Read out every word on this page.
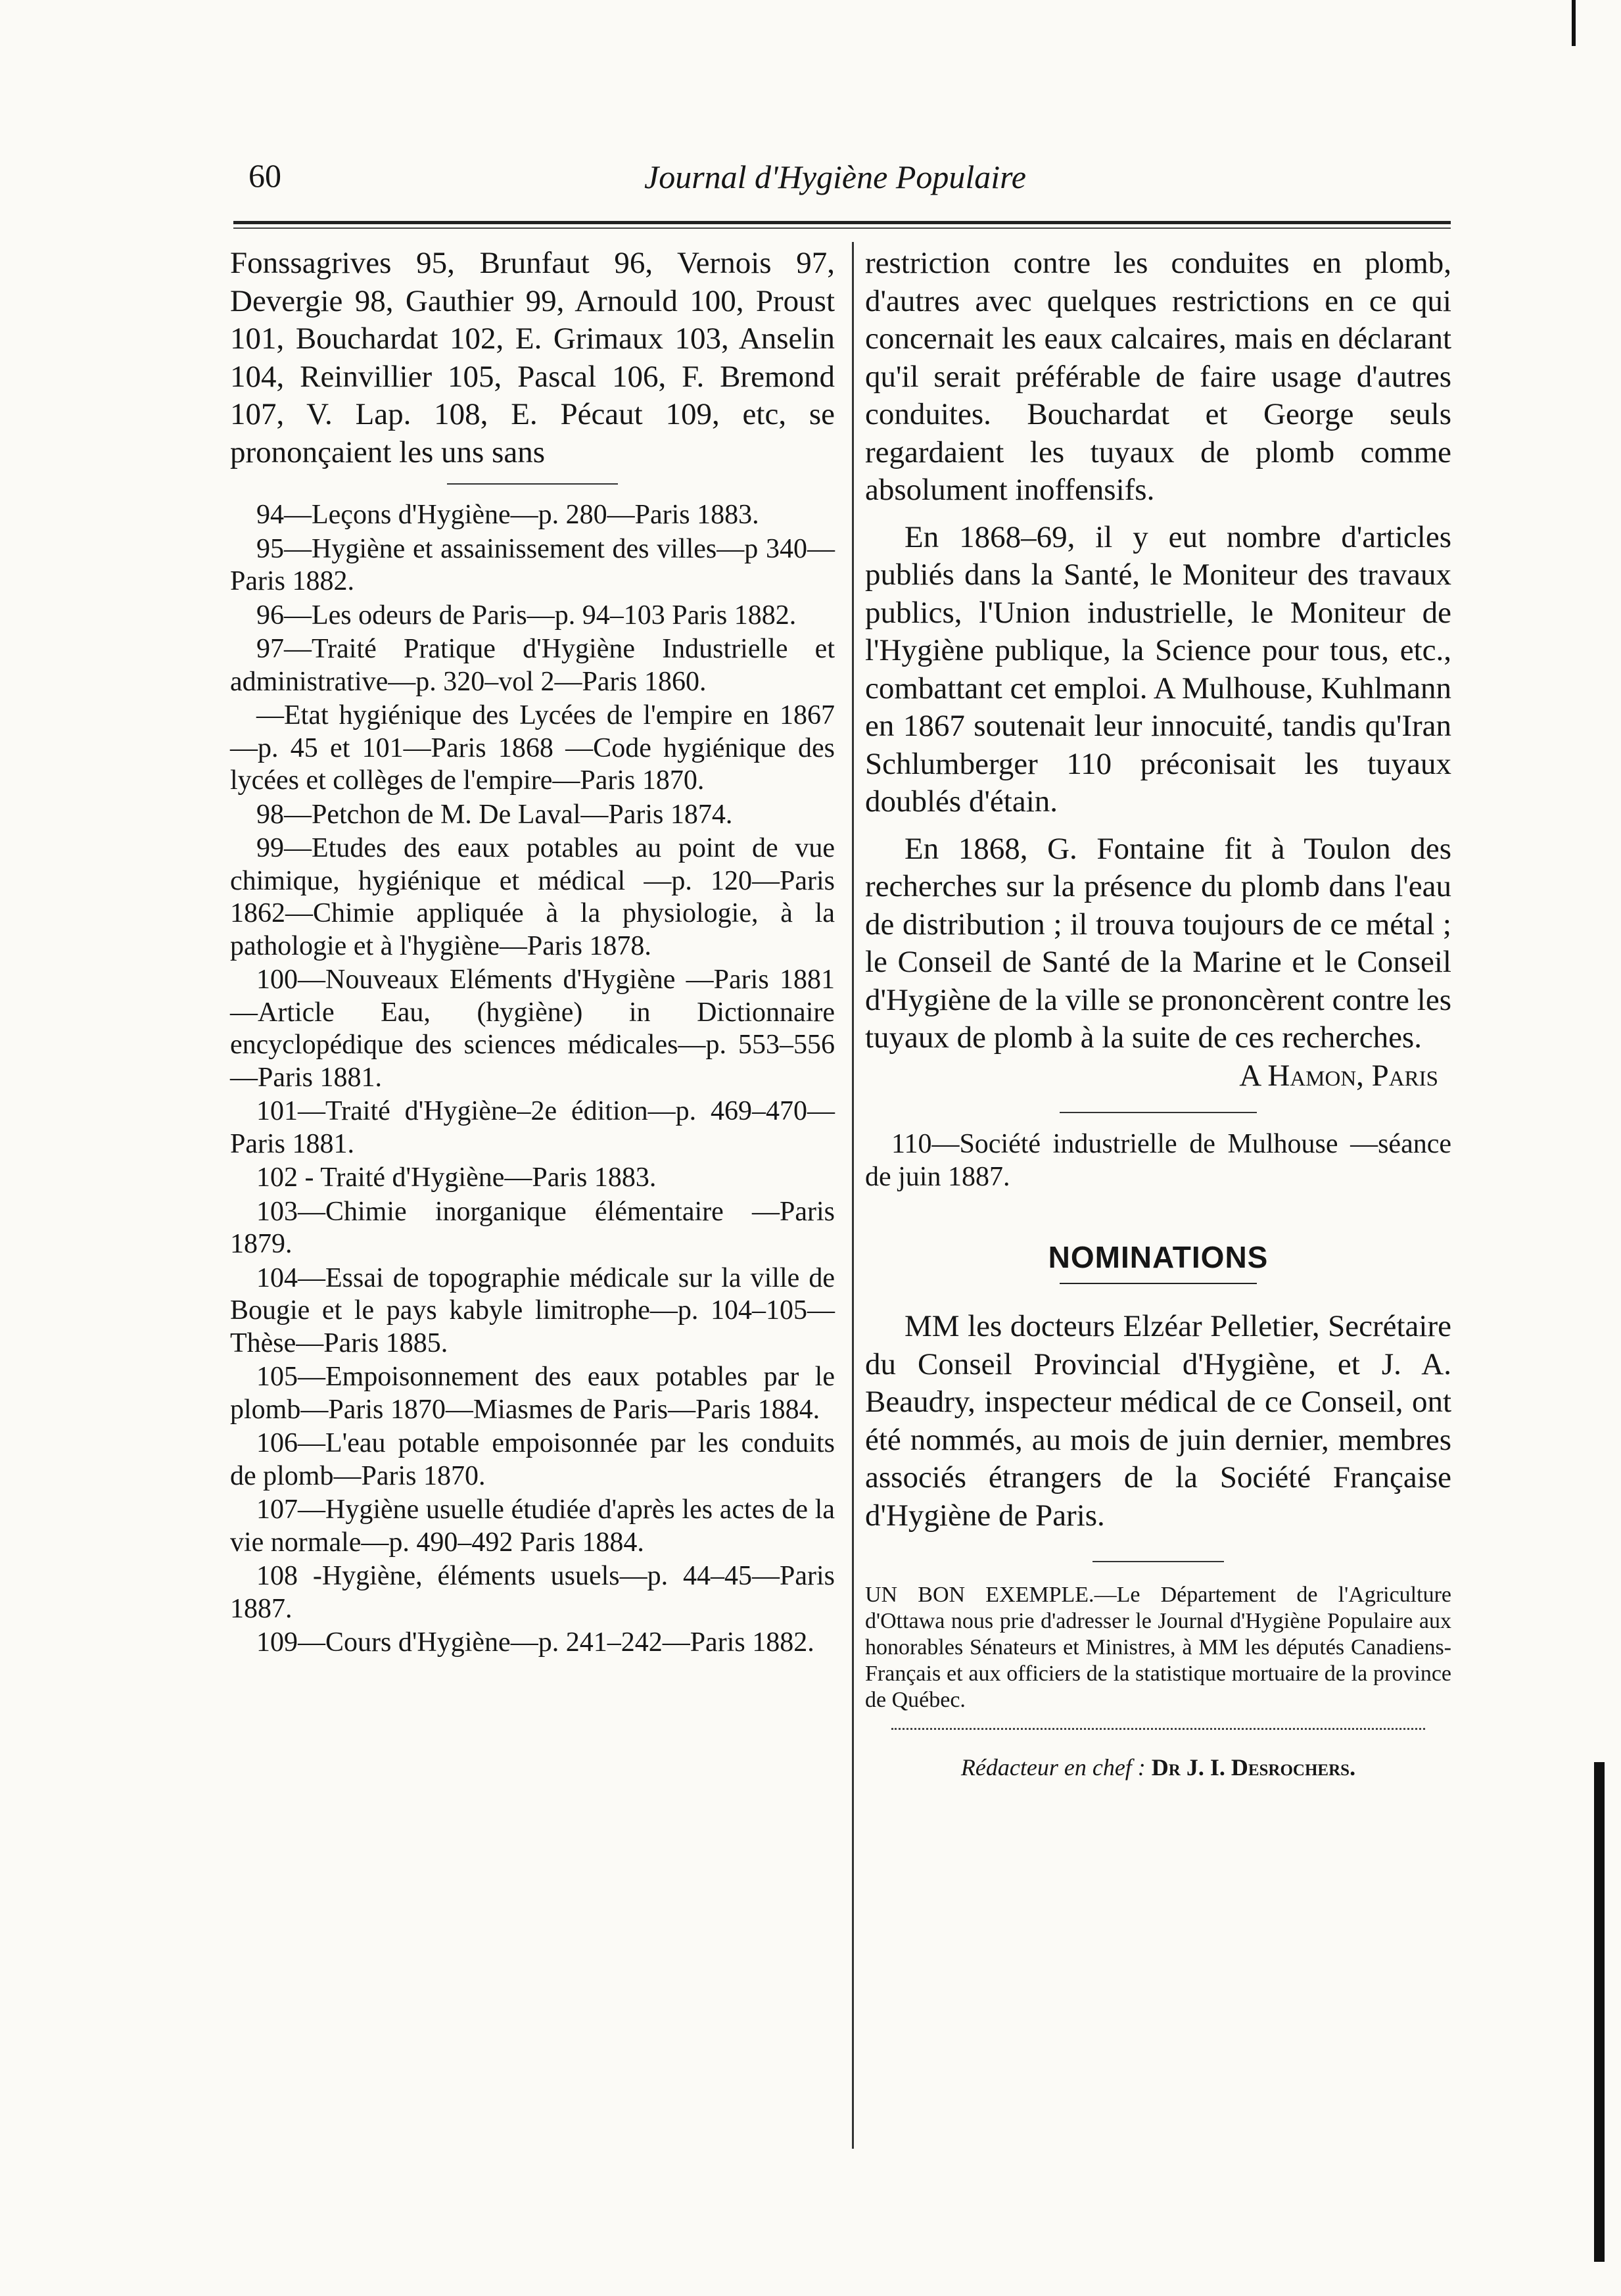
60	Journal d'Hygiène Populaire

Fonssagrives 95, Brunfaut 96, Vernois 97, Devergie 98, Gauthier 99, Arnould 100, Proust 101, Bouchardat 102, E. Grimaux 103, Anselin 104, Reinvillier 105, Pascal 106, F. Bremond 107, V. Lap. 108, E. Pécaut 109, etc, se prononçaient les uns sans

94—Leçons d'Hygiène—p. 280—Paris 1883.

95—Hygiène et assainissement des villes—p 340—Paris 1882.

96—Les odeurs de Paris—p. 94–103 Paris 1882.

97—Traité Pratique d'Hygiène Industrielle et administrative—p. 320–vol 2—Paris 1860.

—Etat hygiénique des Lycées de l'empire en 1867—p. 45 et 101—Paris 1868 —Code hygiénique des lycées et collèges de l'empire—Paris 1870.

98—Petchon de M. De Laval—Paris 1874.

99—Etudes des eaux potables au point de vue chimique, hygiénique et médical —p. 120—Paris 1862—Chimie appliquée à la physiologie, à la pathologie et à l'hygiène—Paris 1878.

100—Nouveaux Eléments d'Hygiène —Paris 1881—Article Eau, (hygiène) in Dictionnaire encyclopédique des sciences médicales—p. 553–556—Paris 1881.

101—Traité d'Hygiène–2e édition—p. 469–470—Paris 1881.

102 - Traité d'Hygiène—Paris 1883.

103—Chimie inorganique élémentaire —Paris 1879.

104—Essai de topographie médicale sur la ville de Bougie et le pays kabyle limitrophe—p. 104–105—Thèse—Paris 1885.

105—Empoisonnement des eaux potables par le plomb—Paris 1870—Miasmes de Paris—Paris 1884.

106—L'eau potable empoisonnée par les conduits de plomb—Paris 1870.

107—Hygiène usuelle étudiée d'après les actes de la vie normale—p. 490–492 Paris 1884.

108 -Hygiène, éléments usuels—p. 44–45—Paris 1887.

109—Cours d'Hygiène—p. 241–242—Paris 1882.

restriction contre les conduites en plomb, d'autres avec quelques restrictions en ce qui concernait les eaux calcaires, mais en déclarant qu'il serait préférable de faire usage d'autres conduites. Bouchardat et George seuls regardaient les tuyaux de plomb comme absolument inoffensifs.

En 1868–69, il y eut nombre d'articles publiés dans la Santé, le Moniteur des travaux publics, l'Union industrielle, le Moniteur de l'Hygiène publique, la Science pour tous, etc., combattant cet emploi. A Mulhouse, Kuhlmann en 1867 soutenait leur innocuité, tandis qu'Iran Schlumberger 110 préconisait les tuyaux doublés d'étain.

En 1868, G. Fontaine fit à Toulon des recherches sur la présence du plomb dans l'eau de distribution ; il trouva toujours de ce métal ; le Conseil de Santé de la Marine et le Conseil d'Hygiène de la ville se prononcèrent contre les tuyaux de plomb à la suite de ces recherches.

A Hamon, Paris

110—Société industrielle de Mulhouse —séance de juin 1887.

NOMINATIONS

MM les docteurs Elzéar Pelletier, Secrétaire du Conseil Provincial d'Hygiène, et J. A. Beaudry, inspecteur médical de ce Conseil, ont été nommés, au mois de juin dernier, membres associés étrangers de la Société Française d'Hygiène de Paris.

UN BON EXEMPLE.—Le Département de l'Agriculture d'Ottawa nous prie d'adresser le Journal d'Hygiène Populaire aux honorables Sénateurs et Ministres, à MM les députés Canadiens-Français et aux officiers de la statistique mortuaire de la province de Québec.

Rédacteur en chef : Dr J. I. Desrochers.
